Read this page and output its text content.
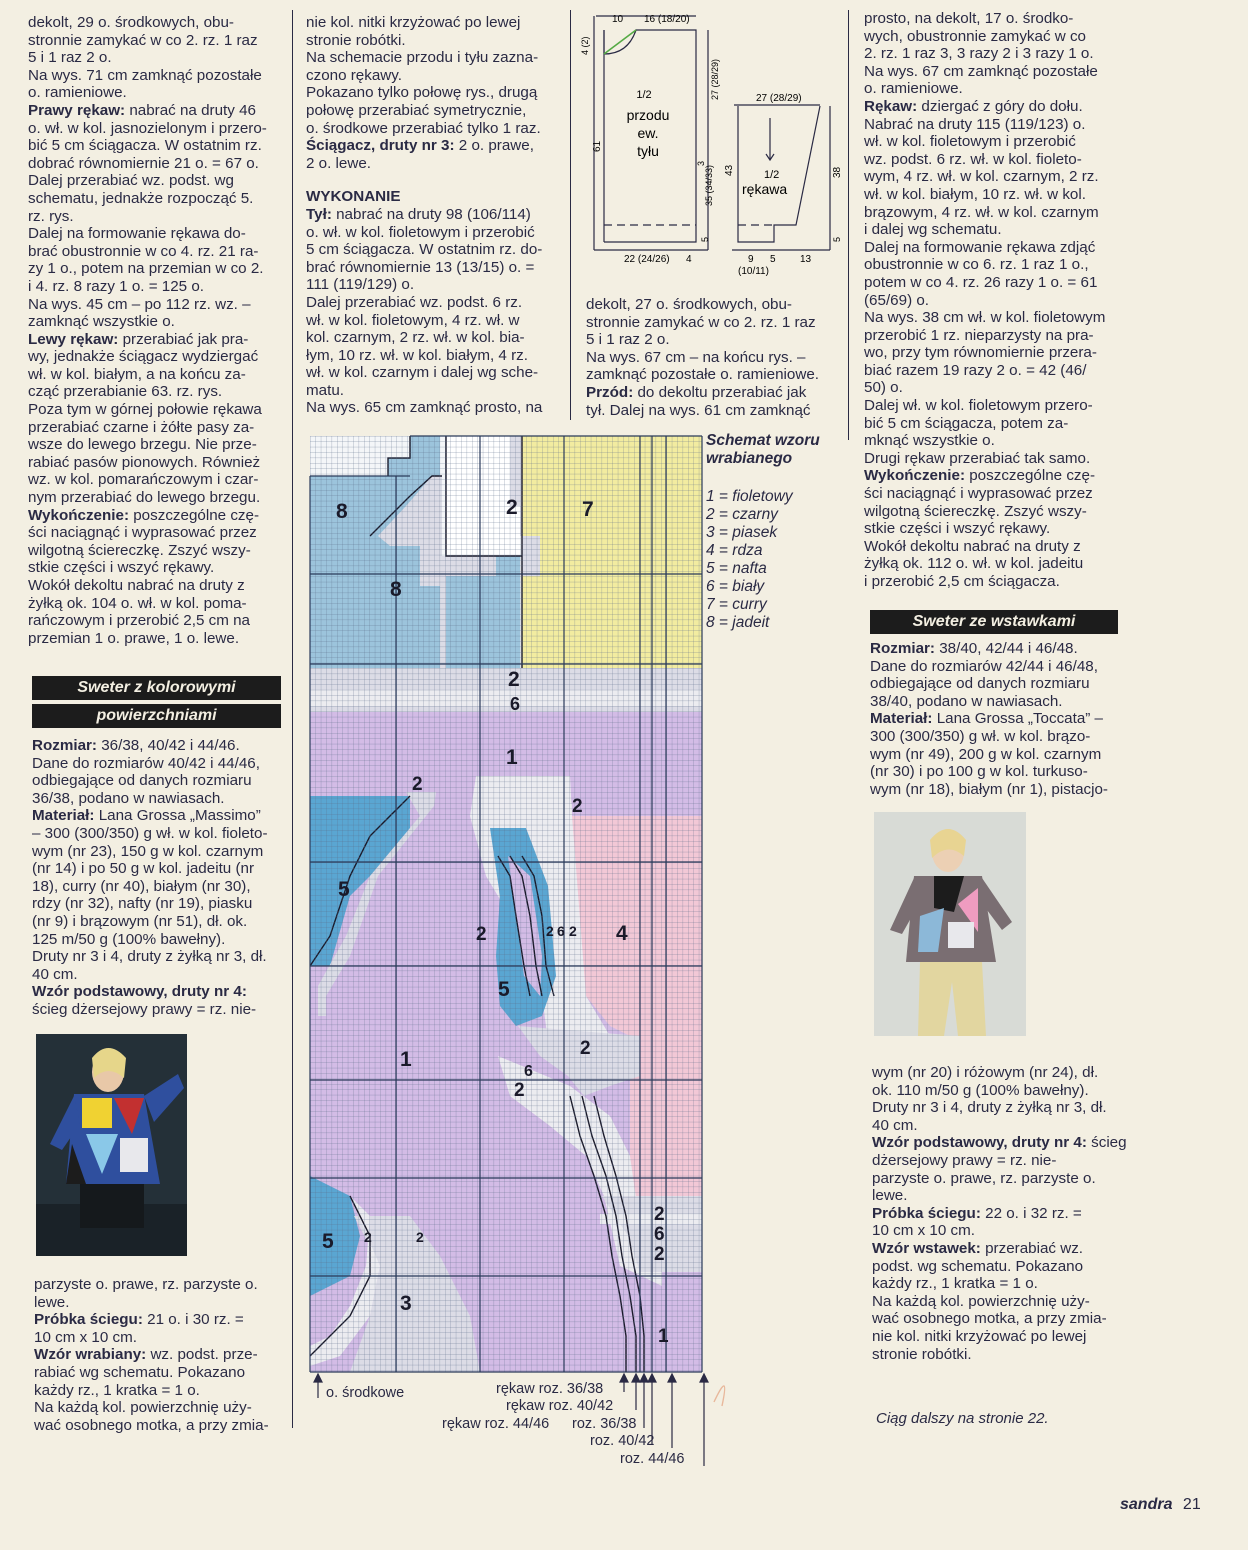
dekolt, 29 o. środkowych, obu-
stronnie zamykać w co 2. rz. 1 raz
5 i 1 raz 2 o.
Na wys. 71 cm zamknąć pozostałe
o. ramieniowe.

Prawy rękaw: nabrać na druty 46
o. wł. w kol. jasnozielonym i przero-
bić 5 cm ściągacza. W ostatnim rz.
dobrać równomiernie 21 o. = 67 o.
Dalej przerabiać wz. podst. wg
schematu, jednakże rozpocząć 5.
rz. rys.
Dalej na formowanie rękawa do-
brać obustronnie w co 4. rz. 21 ra-
zy 1 o., potem na przemian w co 2.
i 4. rz. 8 razy 1 o. = 125 o.
Na wys. 45 cm – po 112 rz. wz. –
zamknąć wszystkie o.

Lewy rękaw: przerabiać jak pra-
wy, jednakże ściągacz wydziergać
wł. w kol. białym, a na końcu za-
cząć przerabianie 63. rz. rys.
Poza tym w górnej połowie rękawa
przerabiać czarne i żółte pasy za-
wsze do lewego brzegu. Nie prze-
rabiać pasów pionowych. Również
wz. w kol. pomarańczowym i czar-
nym przerabiać do lewego brzegu.

Wykończenie: poszczególne czę-
ści naciągnąć i wyprasować przez
wilgotną ściereczkę. Zszyć wszy-
stkie części i wszyć rękawy.
Wokół dekoltu nabrać na druty z
żyłką ok. 104 o. wł. w kol. poma-
rańczowym i przerobić 2,5 cm na
przemian 1 o. prawe, 1 o. lewe.

Sweter z kolorowymi
powierzchniami

Rozmiar: 36/38, 40/42 i 44/46.
Dane do rozmiarów 40/42 i 44/46,
odbiegające od danych rozmiaru
36/38, podano w nawiasach.

Materiał: Lana Grossa „Massimo”
– 300 (300/350) g wł. w kol. fioleto-
wym (nr 23), 150 g w kol. czarnym
(nr 14) i po 50 g w kol. jadeitu (nr
18), curry (nr 40), białym (nr 30),
rdzy (nr 32), nafty (nr 19), piasku
(nr 9) i brązowym (nr 51), dł. ok.
125 m/50 g (100% bawełny).
Druty nr 3 i 4, druty z żyłką nr 3, dł.
40 cm.

Wzór podstawowy, druty nr 4: ścieg dżersejowy prawy = rz. nie-

parzyste o. prawe, rz. parzyste o.
lewe.

Próbka ściegu: 21 o. i 30 rz. =
10 cm x 10 cm.

Wzór wrabiany: wz. podst. prze-
rabiać wg schematu. Pokazano
każdy rz., 1 kratka = 1 o.
Na każdą kol. powierzchnię uży-
wać osobnego motka, a przy zmia-

nie kol. nitki krzyżować po lewej
stronie robótki.
Na schemacie przodu i tyłu zazna-
czono rękawy.
Pokazano tylko połowę rys., drugą
połowę przerabiać symetrycznie,
o. środkowe przerabiać tylko 1 raz.

Ściągacz, druty nr 3: 2 o. prawe,
2 o. lewe.

WYKONANIE

Tył: nabrać na druty 98 (106/114)
o. wł. w kol. fioletowym i przerobić
5 cm ściągacza. W ostatnim rz. do-
brać równomiernie 13 (13/15) o. =
111 (119/129) o.
Dalej przerabiać wz. podst. 6 rz.
wł. w kol. fioletowym, 4 rz. wł. w
kol. czarnym, 2 rz. wł. w kol. bia-
łym, 10 rz. wł. w kol. białym, 4 rz.
wł. w kol. czarnym i dalej wg sche-
matu.
Na wys. 65 cm zamknąć prosto, na

10 16 (18/20)
4 (2)
27 (28/29)
61
1/2
przodu
ew.
tyłu
35 (34/33)
3
5
22 (24/26) 4
27 (28/29)
43	1/2
rękawa
38
5
9 5 13
(10/11)
dekolt, 27 o. środkowych, obu-
stronnie zamykać w co 2. rz. 1 raz
5 i 1 raz 2 o.
Na wys. 67 cm – na końcu rys. –
zamknąć pozostałe o. ramieniowe.

Przód: do dekoltu przerabiać jak
tył. Dalej na wys. 61 cm zamknąć

8	2	7
8
2
6
1
2
2
5
2	2 6 2 4
5
2
6
1
2
2
6
2
5 2	2
3
1
Schemat wzoru
wrabianego
1 = fioletowy
2 = czarny
3 = piasek
4 = rdza
5 = nafta
6 = biały
7 = curry
8 = jadeit
o. środkowe	rękaw roz. 36/38
rękaw roz. 40/42
rękaw roz. 44/46 roz. 36/38
roz. 40/42
roz. 44/46
prosto, na dekolt, 17 o. środko-
wych, obustronnie zamykać w co
2. rz. 1 raz 3, 3 razy 2 i 3 razy 1 o.
Na wys. 67 cm zamknąć pozostałe
o. ramieniowe.

Rękaw: dziergać z góry do dołu.
Nabrać na druty 115 (119/123) o.
wł. w kol. fioletowym i przerobić
wz. podst. 6 rz. wł. w kol. fioleto-
wym, 4 rz. wł. w kol. czarnym, 2 rz.
wł. w kol. białym, 10 rz. wł. w kol.
brązowym, 4 rz. wł. w kol. czarnym
i dalej wg schematu.
Dalej na formowanie rękawa zdjąć
obustronnie w co 6. rz. 1 raz 1 o.,
potem w co 4. rz. 26 razy 1 o. = 61
(65/69) o.
Na wys. 38 cm wł. w kol. fioletowym
przerobić 1 rz. nieparzysty na pra-
wo, przy tym równomiernie przera-
biać razem 19 razy 2 o. = 42 (46/
50) o.
Dalej wł. w kol. fioletowym przero-
bić 5 cm ściągacza, potem za-
mknąć wszystkie o.
Drugi rękaw przerabiać tak samo.

Wykończenie: poszczególne czę-
ści naciągnąć i wyprasować przez
wilgotną ściereczkę. Zszyć wszy-
stkie części i wszyć rękawy.
Wokół dekoltu nabrać na druty z
żyłką ok. 112 o. wł. w kol. jadeitu
i przerobić 2,5 cm ściągacza.

Sweter ze wstawkami

Rozmiar: 38/40, 42/44 i 46/48.
Dane do rozmiarów 42/44 i 46/48,
odbiegające od danych rozmiaru
38/40, podano w nawiasach.

Materiał: Lana Grossa „Toccata” –
300 (300/350) g wł. w kol. brązo-
wym (nr 49), 200 g w kol. czarnym
(nr 30) i po 100 g w kol. turkuso-
wym (nr 18), białym (nr 1), pistacjo-

wym (nr 20) i różowym (nr 24), dł.
ok. 110 m/50 g (100% bawełny).
Druty nr 3 i 4, druty z żyłką nr 3, dł.
40 cm.

Wzór podstawowy, druty nr 4: ścieg dżersejowy prawy = rz. nie-
parzyste o. prawe, rz. parzyste o.
lewe.

Próbka ściegu: 22 o. i 32 rz. =
10 cm x 10 cm.

Wzór wstawek: przerabiać wz.
podst. wg schematu. Pokazano
każdy rz., 1 kratka = 1 o.
Na każdą kol. powierzchnię uży-
wać osobnego motka, a przy zmia-
nie kol. nitki krzyżować po lewej
stronie robótki.

Ciąg dalszy na stronie 22.
sandra 21
